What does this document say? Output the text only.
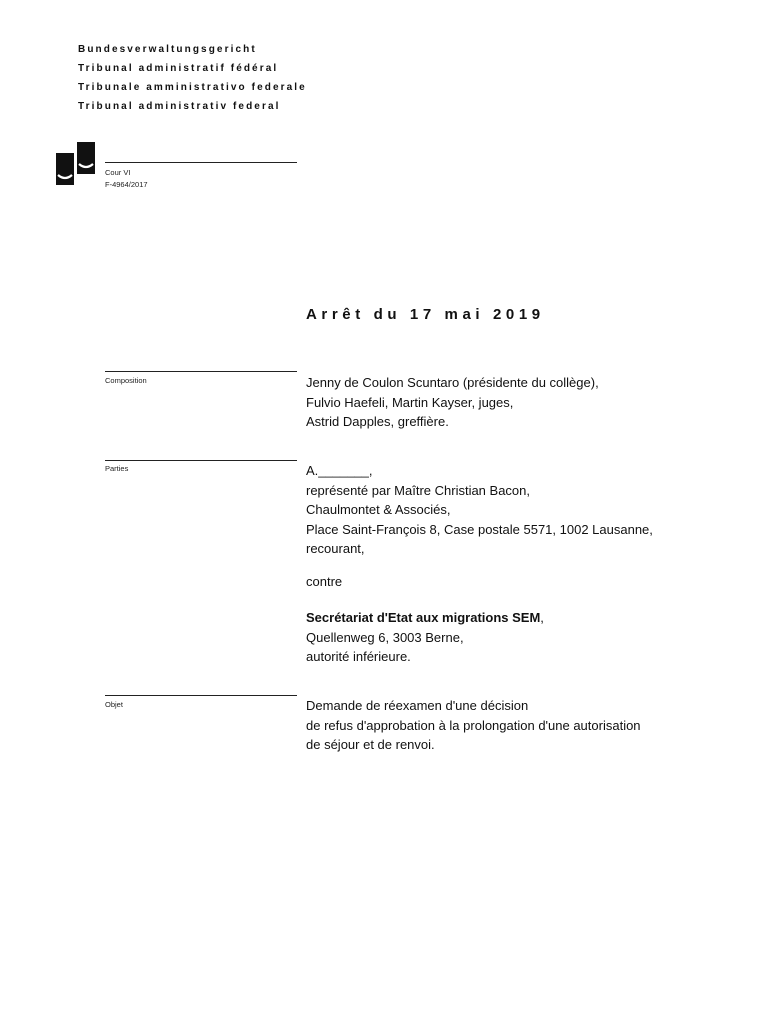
Bundesverwaltungsgericht
Tribunal administratif fédéral
Tribunale amministrativo federale
Tribunal administrativ federal
Cour VI
F-4964/2017
Arrêt du 17 mai 2019
Composition	Jenny de Coulon Scuntaro (présidente du collège),
Fulvio Haefeli, Martin Kayser, juges,
Astrid Dapples, greffière.
Parties	A._______,
représenté par Maître Christian Bacon,
Chaulmontet & Associés,
Place Saint-François 8, Case postale 5571, 1002 Lausanne,
recourant,
contre
Secrétariat d'Etat aux migrations SEM,
Quellenweg 6, 3003 Berne,
autorité inférieure.
Objet	Demande de réexamen d'une décision
de refus d'approbation à la prolongation d'une autorisation
de séjour et de renvoi.
